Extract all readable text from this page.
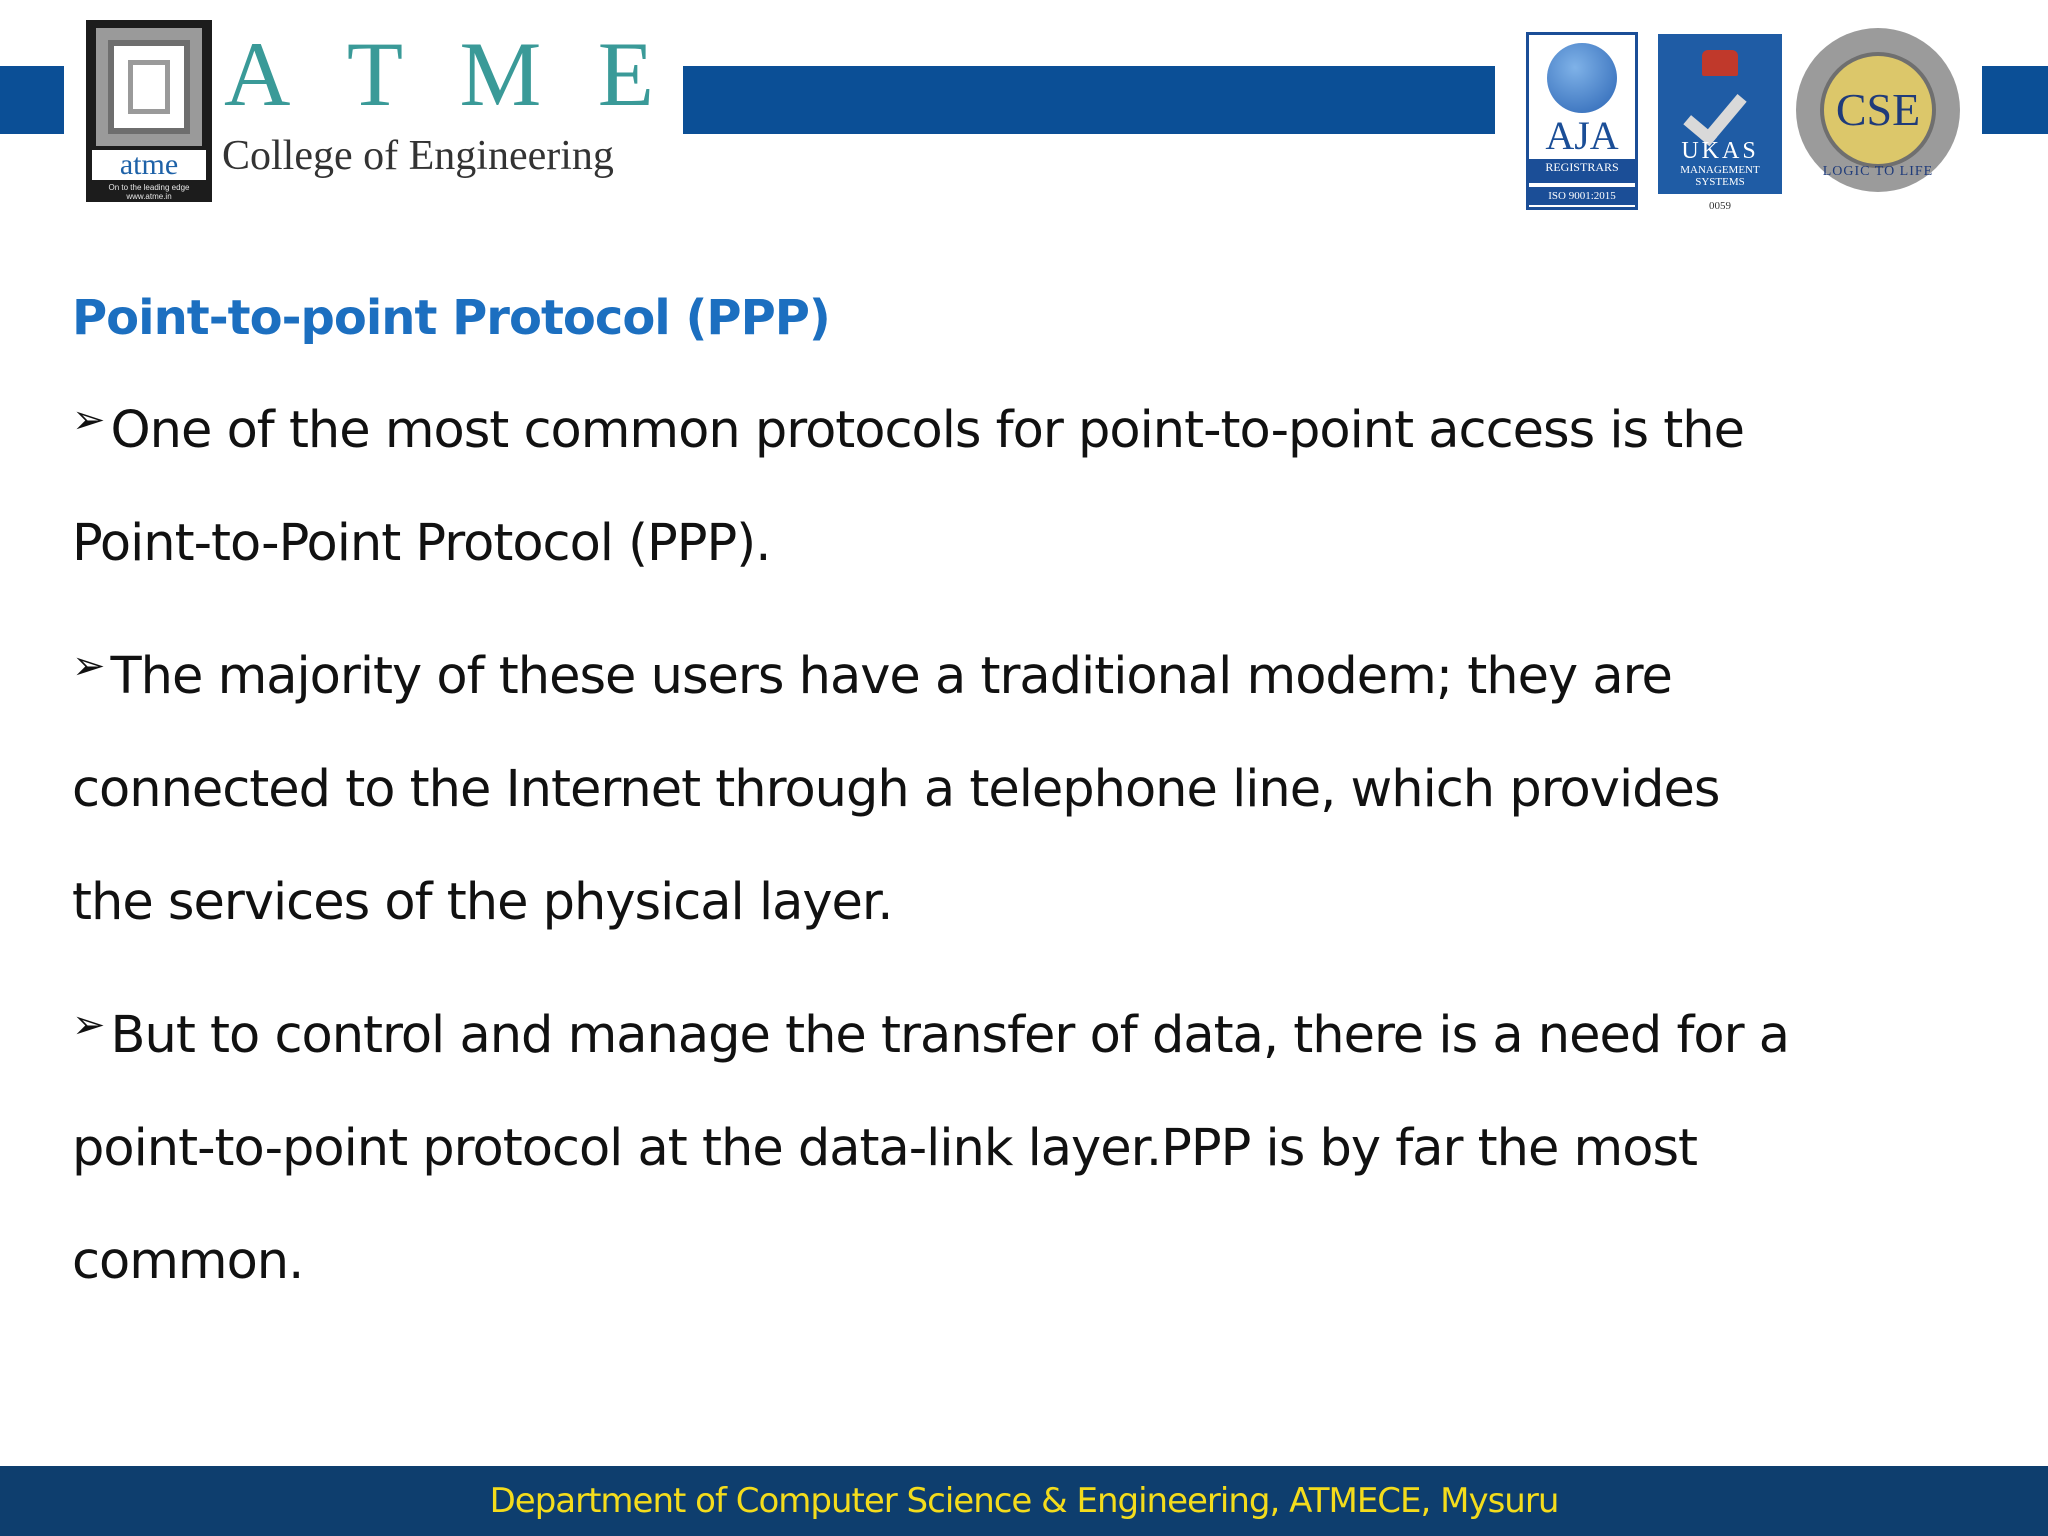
atme
On to the leading edge
www.atme.in
A T M E
College of Engineering	AJA
REGISTRARS
ISO 9001:2015
UKAS
MANAGEMENT
SYSTEMS
0059
CSE
LOGIC TO LIFE
Point-to-point Protocol (PPP)

➢ One of the most common protocols for point-to-point access is the
Point-to-Point Protocol (PPP).

➢ The majority of these users have a traditional modem; they are
connected to the Internet through a telephone line, which provides
the services of the physical layer.

➢ But to control and manage the transfer of data, there is a need for a
point-to-point protocol at the data-link layer.PPP is by far the most
common.

Department of Computer Science & Engineering, ATMECE, Mysuru
